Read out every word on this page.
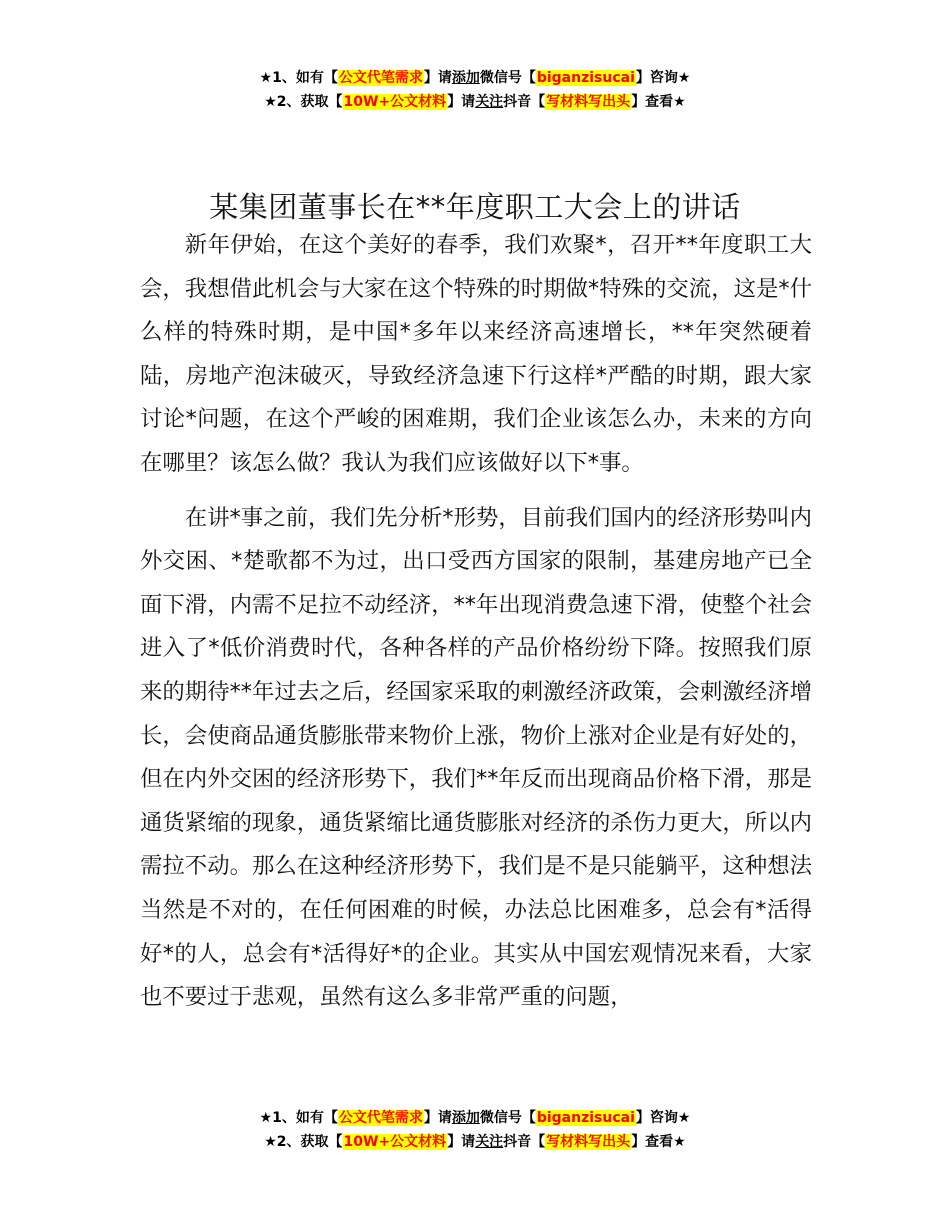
★1、如有【公文代笔需求】请添加微信号【biganzisucai】咨询★
★2、获取【10W+公文材料】请关注抖音【写材料写出头】查看★
某集团董事长在**年度职工大会上的讲话

新年伊始，在这个美好的春季，我们欢聚*，召开**年度职工大会，我想借此机会与大家在这个特殊的时期做*特殊的交流，这是*什么样的特殊时期，是中国*多年以来经济高速增长，**年突然硬着陆，房地产泡沫破灭，导致经济急速下行这样*严酷的时期，跟大家讨论*问题，在这个严峻的困难期，我们企业该怎么办，未来的方向在哪里？该怎么做？我认为我们应该做好以下*事。

在讲*事之前，我们先分析*形势，目前我们国内的经济形势叫内外交困、*楚歌都不为过，出口受西方国家的限制，基建房地产已全面下滑，内需不足拉不动经济，**年出现消费急速下滑，使整个社会进入了*低价消费时代，各种各样的产品价格纷纷下降。按照我们原来的期待**年过去之后，经国家采取的刺激经济政策，会刺激经济增长，会使商品通货膨胀带来物价上涨，物价上涨对企业是有好处的，但在内外交困的经济形势下，我们**年反而出现商品价格下滑，那是通货紧缩的现象，通货紧缩比通货膨胀对经济的杀伤力更大，所以内需拉不动。那么在这种经济形势下，我们是不是只能躺平，这种想法当然是不对的，在任何困难的时候，办法总比困难多，总会有*活得好*的人，总会有*活得好*的企业。其实从中国宏观情况来看，大家也不要过于悲观，虽然有这么多非常严重的问题，

★1、如有【公文代笔需求】请添加微信号【biganzisucai】咨询★
★2、获取【10W+公文材料】请关注抖音【写材料写出头】查看★
